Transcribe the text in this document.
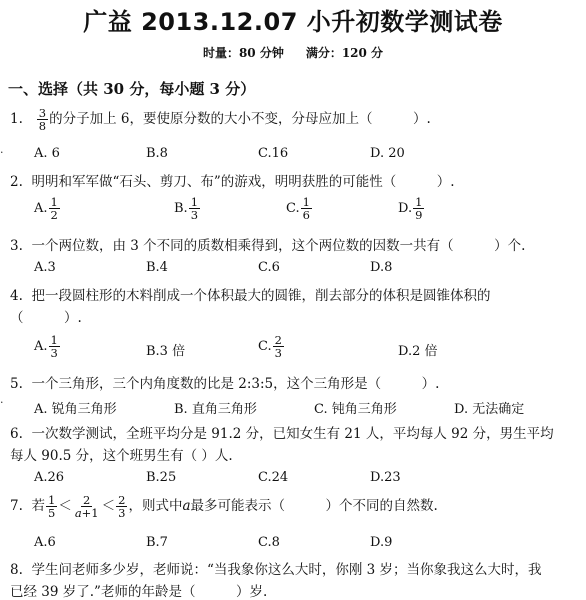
广益 2013.12.07 小升初数学测试卷
时量：80 分钟 满分：120 分
一、选择（共 30 分，每小题 3 分）
1. $\frac{3}{8}$ 的分子加上 6，要使原分数的大小不变，分母应加上（　　　）.
A. 6	B.8	C.16	D. 20
·
2. 明明和军军做“石头、剪刀、布”的游戏，明明获胜的可能性（　　　）.
A. $\frac{1}{2}$	B. $\frac{1}{3}$	C. $\frac{1}{6}$	D. $\frac{1}{9}$
3. 一个两位数，由 3 个不同的质数相乘得到，这个两位数的因数一共有（　　　）个.
A.3	B.4	C.6	D.8
4. 把一段圆柱形的木料削成一个体积最大的圆锥，削去部分的体积是圆锥体积的
（　　　）.
A. $\frac{1}{3}$	B.3 倍	C. $\frac{2}{3}$	D.2 倍
5. 一个三角形，三个内角度数的比是 2:3:5，这个三角形是（　　　）.
A. 锐角三角形	B. 直角三角形	C. 钝角三角形	D. 无法确定
·
6. 一次数学测试，全班平均分是 91.2 分，已知女生有 21 人，平均每人 92 分，男生平均
每人 90.5 分，这个班男生有（ ）人.
A.26	B.25	C.24	D.23
7. 若 $\frac{1}{5} < \frac{2}{a+1} < \frac{2}{3}$ ，则式中a最多可能表示（　　　）个不同的自然数.
A.6	B.7	C.8	D.9
8. 学生问老师多少岁，老师说：“当我象你这么大时，你刚 3 岁；当你象我这么大时，我
已经 39 岁了.”老师的年龄是（　　　）岁.
